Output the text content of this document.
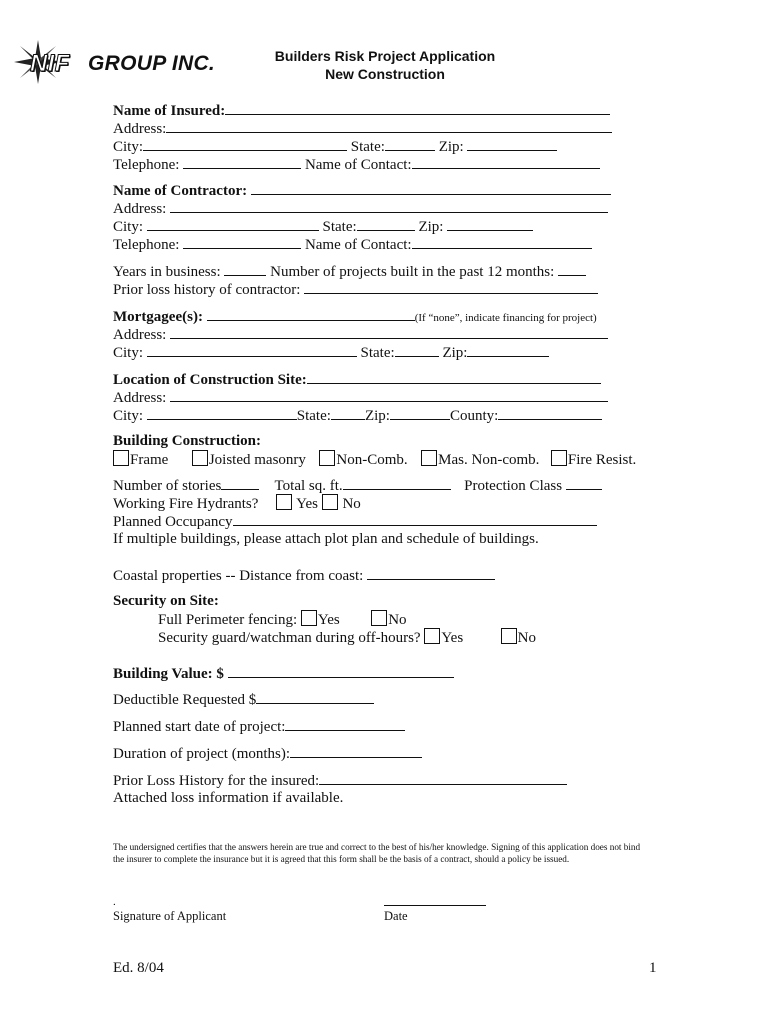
NIF GROUP INC.	Builders Risk Project Application
New Construction
Name of Insured:
Address:
City:	State:	Zip:
Telephone:	Name of Contact:
Name of Contractor:
Address:
City:	State:	Zip:
Telephone:	Name of Contact:
Years in business:	Number of projects built in the past 12 months:
Prior loss history of contractor:
Mortgagee(s):	(If “none”, indicate financing for project)
Address:
City:	State:	Zip:
Location of Construction Site:
Address:
City:	State: Zip:	County:
Building Construction:
Frame	Joisted masonry Non-Comb. Mas. Non-comb. Fire Resist.
Number of stories	Total sq. ft.	Protection Class
Working Fire Hydrants?	Yes No
Planned Occupancy
If multiple buildings, please attach plot plan and schedule of buildings.
Coastal properties -- Distance from coast:
Security on Site:
Full Perimeter fencing: Yes	No
Security guard/watchman during off-hours? Yes	No
Building Value: $
Deductible Requested $
Planned start date of project:
Duration of project (months):
Prior Loss History for the insured:
Attached loss information if available.
The undersigned certifies that the answers herein are true and correct to the best of his/her knowledge. Signing of this application does not bind the insurer to complete the insurance but it is agreed that this form shall be the basis of a contract, should a policy be issued.
.
Signature of Applicant	Date
Ed. 8/04	1
